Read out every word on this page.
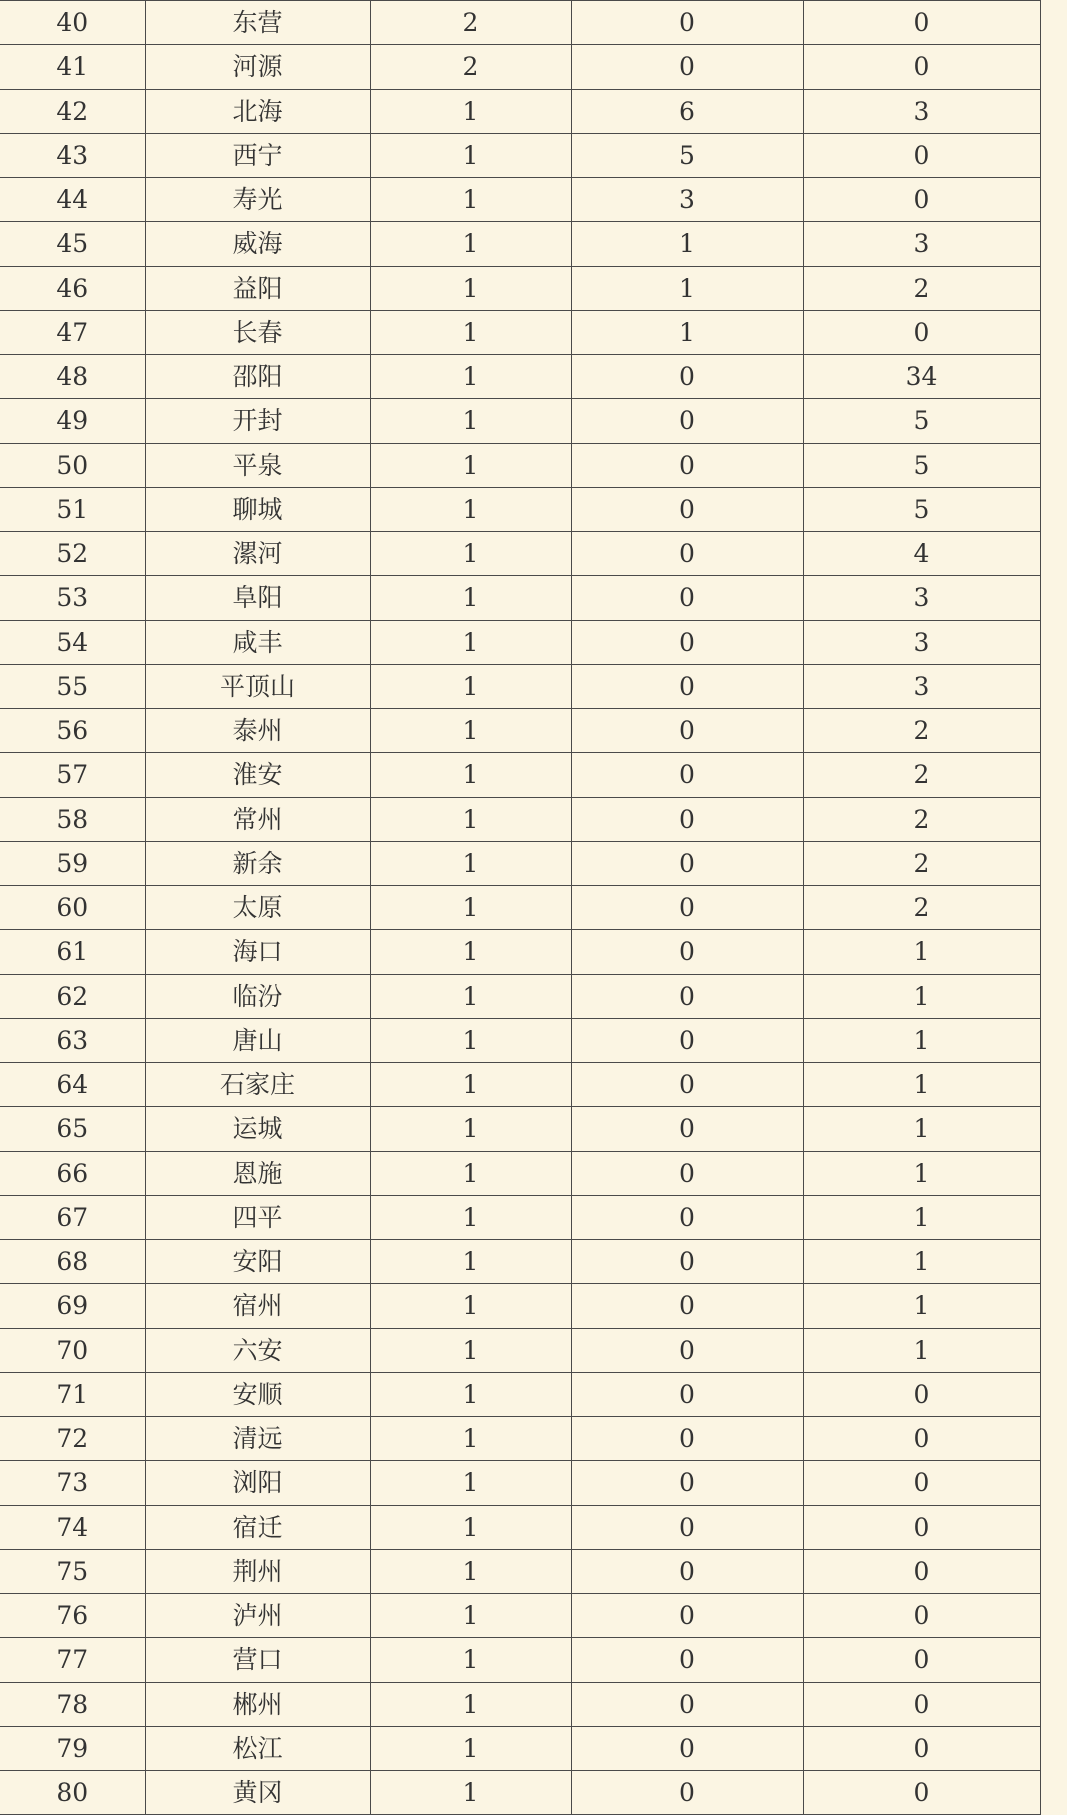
40	东营	2	0	0
41	河源	2	0	0
42	北海	1	6	3
43	西宁	1	5	0
44	寿光	1	3	0
45	威海	1	1	3
46	益阳	1	1	2
47	长春	1	1	0
48	邵阳	1	0	34
49	开封	1	0	5
50	平泉	1	0	5
51	聊城	1	0	5
52	漯河	1	0	4
53	阜阳	1	0	3
54	咸丰	1	0	3
55	平顶山	1	0	3
56	泰州	1	0	2
57	淮安	1	0	2
58	常州	1	0	2
59	新余	1	0	2
60	太原	1	0	2
61	海口	1	0	1
62	临汾	1	0	1
63	唐山	1	0	1
64	石家庄	1	0	1
65	运城	1	0	1
66	恩施	1	0	1
67	四平	1	0	1
68	安阳	1	0	1
69	宿州	1	0	1
70	六安	1	0	1
71	安顺	1	0	0
72	清远	1	0	0
73	浏阳	1	0	0
74	宿迁	1	0	0
75	荆州	1	0	0
76	泸州	1	0	0
77	营口	1	0	0
78	郴州	1	0	0
79	松江	1	0	0
80	黄冈	1	0	0
